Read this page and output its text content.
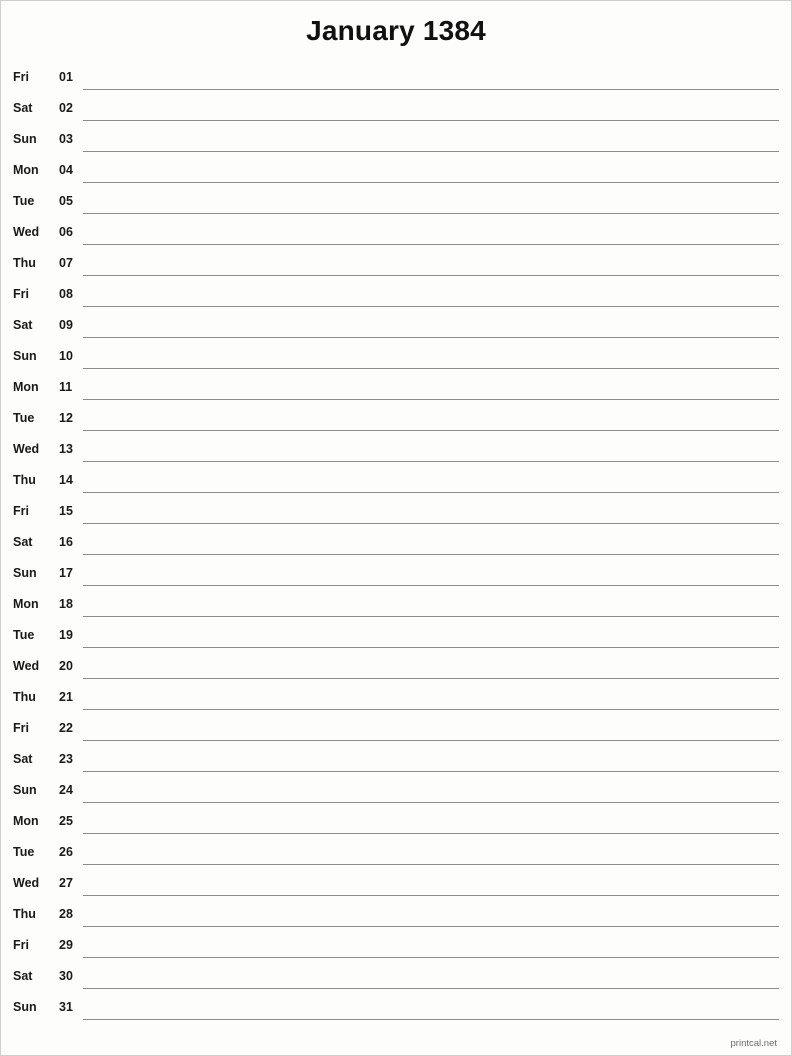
January 1384
Fri	01
Sat	02
Sun	03
Mon	04
Tue	05
Wed	06
Thu	07
Fri	08
Sat	09
Sun	10
Mon	11
Tue	12
Wed	13
Thu	14
Fri	15
Sat	16
Sun	17
Mon	18
Tue	19
Wed	20
Thu	21
Fri	22
Sat	23
Sun	24
Mon	25
Tue	26
Wed	27
Thu	28
Fri	29
Sat	30
Sun	31
printcal.net
